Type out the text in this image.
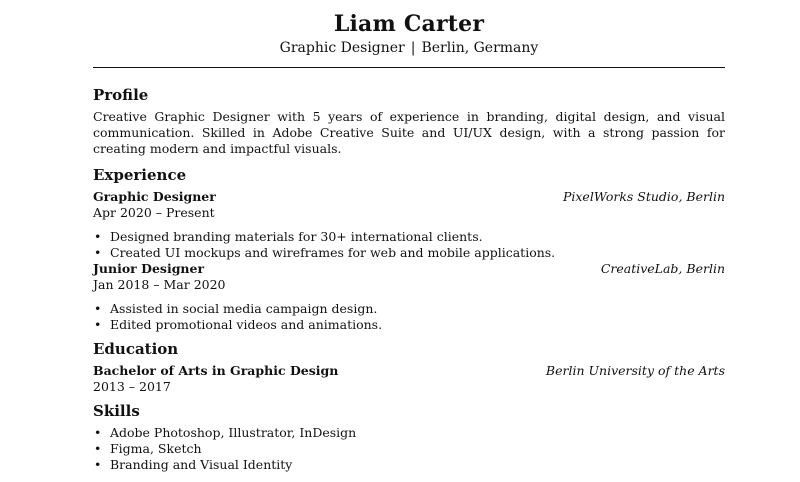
Liam Carter
Graphic Designer | Berlin, Germany
Profile
Creative Graphic Designer with 5 years of experience in branding, digital design, and visual communication. Skilled in Adobe Creative Suite and UI/UX design, with a strong passion for creating modern and impactful visuals.
Experience
Graphic Designer	PixelWorks Studio, Berlin
Apr 2020 – Present
• Designed branding materials for 30+ international clients.
• Created UI mockups and wireframes for web and mobile applications.
Junior Designer	CreativeLab, Berlin
Jan 2018 – Mar 2020
• Assisted in social media campaign design.
• Edited promotional videos and animations.
Education
Bachelor of Arts in Graphic Design	Berlin University of the Arts
2013 – 2017
Skills
• Adobe Photoshop, Illustrator, InDesign
• Figma, Sketch
• Branding and Visual Identity
